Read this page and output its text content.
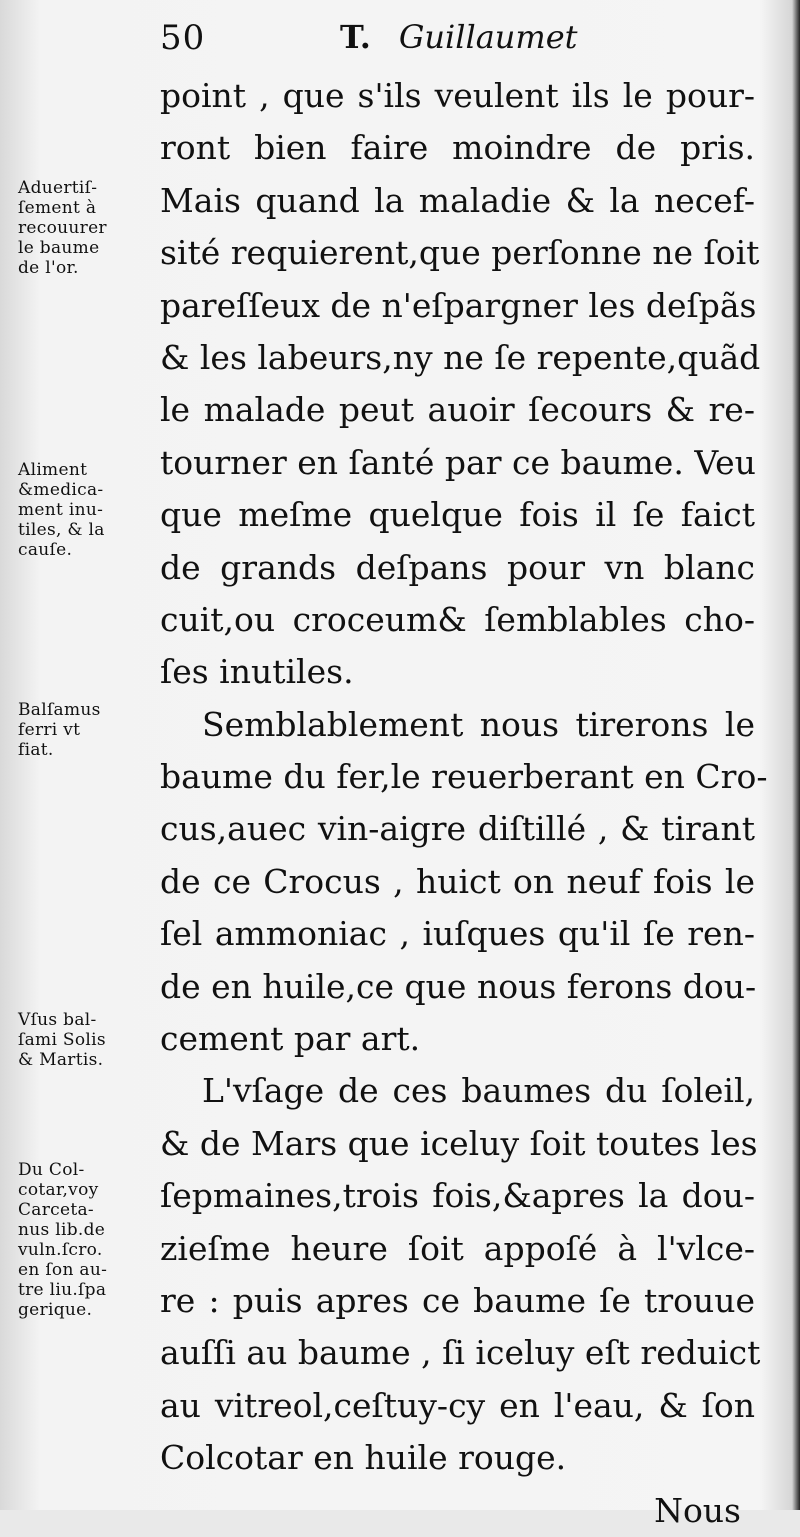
50	T. Guillaumet
point , que s'ils veulent ils le pour-
ront bien faire moindre de pris.
Mais quand la maladie & la necef-
sité requierent,que perſonne ne ſoit
pareſſeux de n'eſpargner les deſpãs
& les labeurs,ny ne ſe repente,quãd
le malade peut auoir ſecours & re-
tourner en ſanté par ce baume. Veu
que meſme quelque fois il ſe faict
de grands deſpans pour vn blanc
cuit,ou croceum& ſemblables cho-
ſes inutiles.
Semblablement nous tirerons le
baume du fer,le reuerberant en Cro-
cus,auec vin-aigre diſtillé , & tirant
de ce Crocus , huict on neuf fois le
ſel ammoniac , iuſques qu'il ſe ren-
de en huile,ce que nous ferons dou-
cement par art.
L'vſage de ces baumes du ſoleil,
& de Mars que iceluy ſoit toutes les
ſepmaines,trois fois,&apres la dou-
zieſme heure ſoit appoſé à l'vlce-
re : puis apres ce baume ſe trouue
auſſi au baume , ſi iceluy eſt reduict
au vitreol,ceſtuy-cy en l'eau, & ſon
Colcotar en huile rouge.
Nous
Aduertiſ-
ſement à
recouurer
le baume
de l'or.
Aliment
&medica-
ment inu-
tiles, & la
cauſe.
Balſamus
ferri vt
fiat.
Vſus bal-
ſami Solis
& Martis.
Du Col-
cotar,voy
Carceta-
nus lib.de
vuln.ſcro.
en ſon au-
tre liu.ſpa
gerique.
